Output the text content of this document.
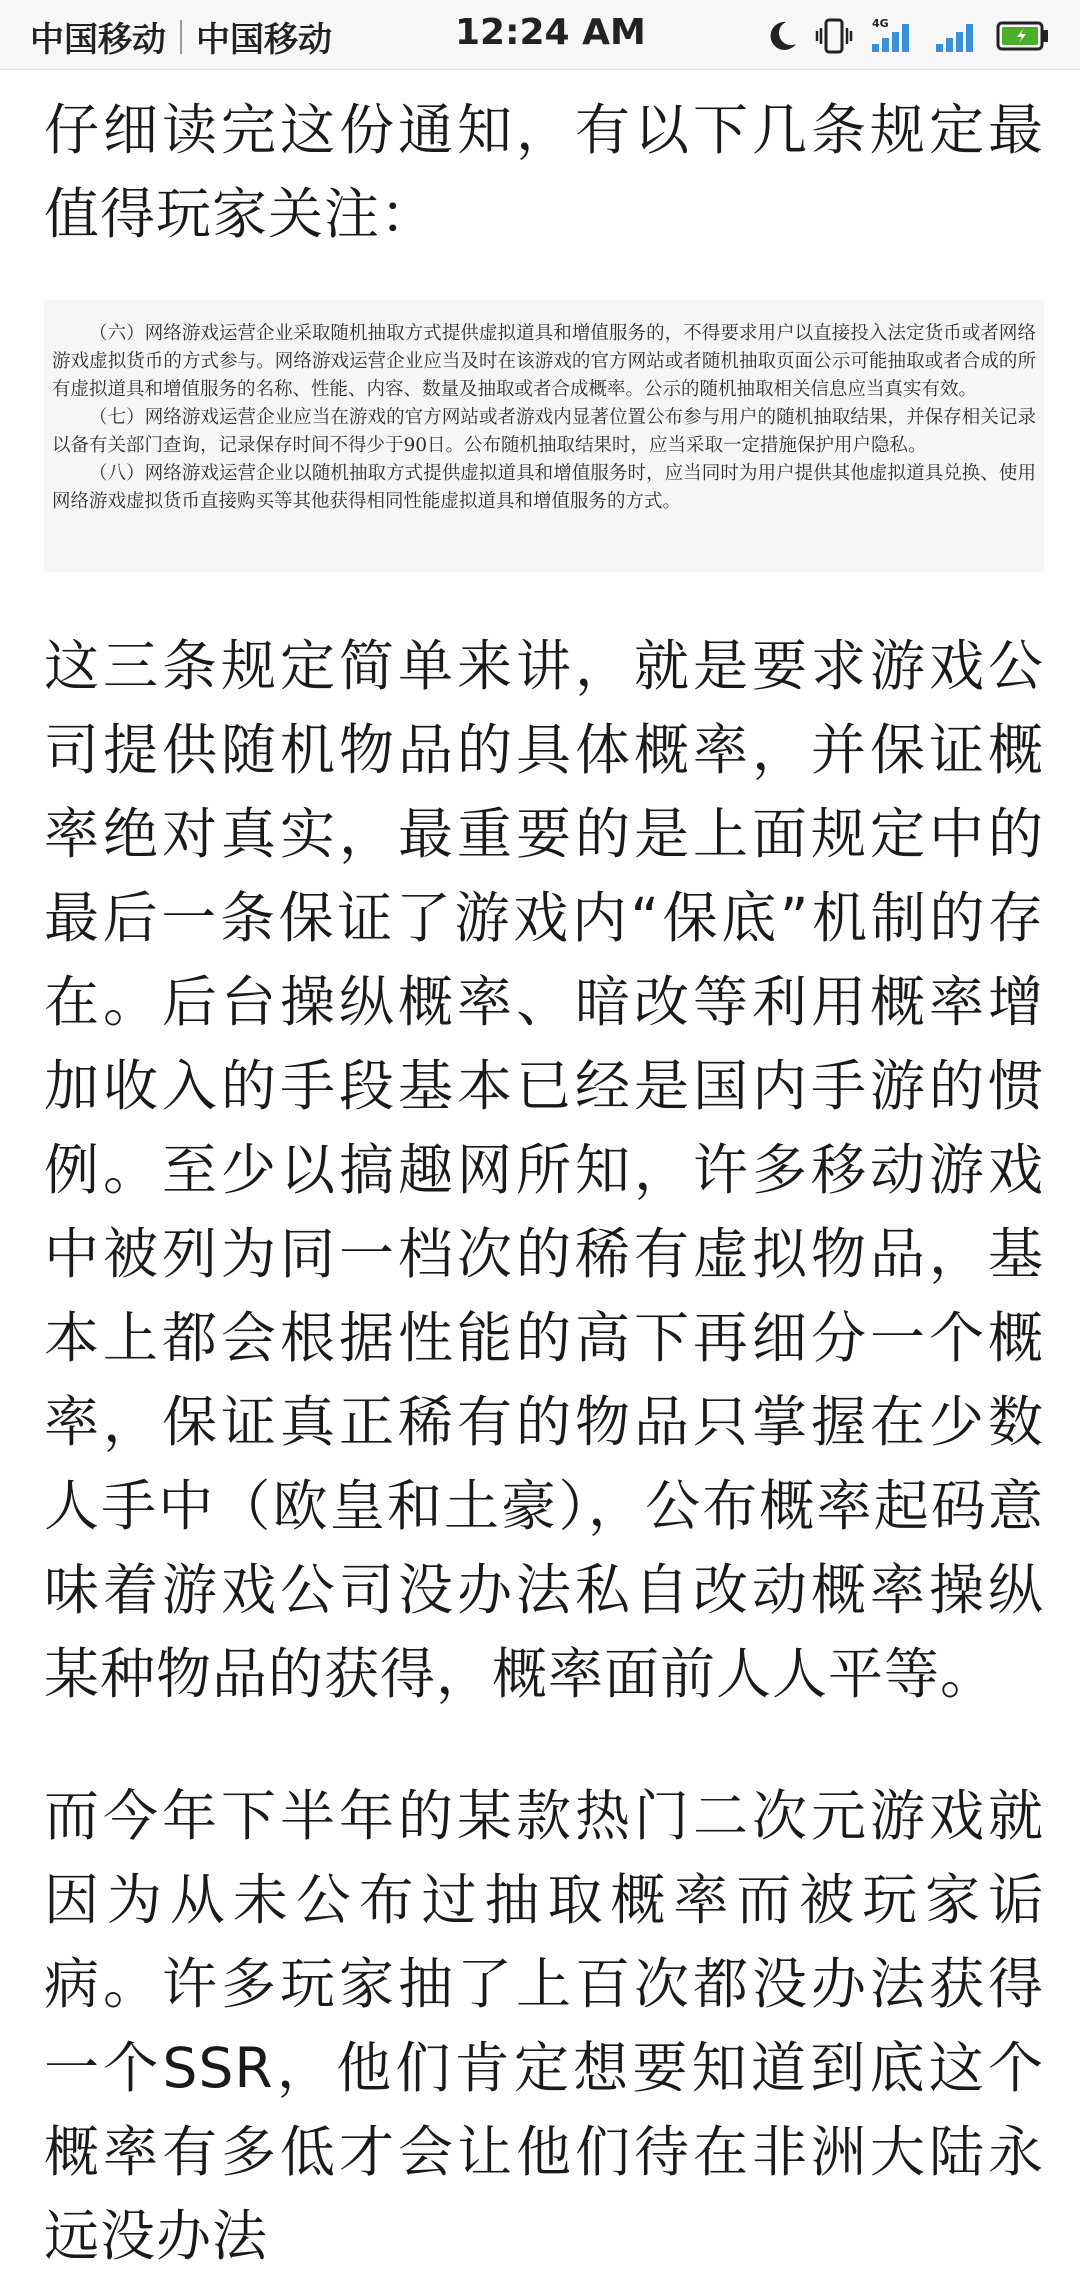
中国移动 中国移动	12:24 AM	4G

仔细读完这份通知，有以下几条规定最值得玩家关注：

（六）网络游戏运营企业采取随机抽取方式提供虚拟道具和增值服务的，不得要求用户以直接投入法定货币或者网络游戏虚拟货币的方式参与。网络游戏运营企业应当及时在该游戏的官方网站或者随机抽取页面公示可能抽取或者合成的所有虚拟道具和增值服务的名称、性能、内容、数量及抽取或者合成概率。公示的随机抽取相关信息应当真实有效。

（七）网络游戏运营企业应当在游戏的官方网站或者游戏内显著位置公布参与用户的随机抽取结果，并保存相关记录以备有关部门查询，记录保存时间不得少于90日。公布随机抽取结果时，应当采取一定措施保护用户隐私。

（八）网络游戏运营企业以随机抽取方式提供虚拟道具和增值服务时，应当同时为用户提供其他虚拟道具兑换、使用网络游戏虚拟货币直接购买等其他获得相同性能虚拟道具和增值服务的方式。

这三条规定简单来讲，就是要求游戏公司提供随机物品的具体概率，并保证概率绝对真实，最重要的是上面规定中的最后一条保证了游戏内“保底”机制的存在。后台操纵概率、暗改等利用概率增加收入的手段基本已经是国内手游的惯例。至少以搞趣网所知，许多移动游戏中被列为同一档次的稀有虚拟物品，基本上都会根据性能的高下再细分一个概率，保证真正稀有的物品只掌握在少数人手中（欧皇和土豪），公布概率起码意味着游戏公司没办法私自改动概率操纵某种物品的获得，概率面前人人平等。

而今年下半年的某款热门二次元游戏就因为从未公布过抽取概率而被玩家诟病。许多玩家抽了上百次都没办法获得一个SSR，他们肯定想要知道到底这个概率有多低才会让他们待在非洲大陆永远没办法
